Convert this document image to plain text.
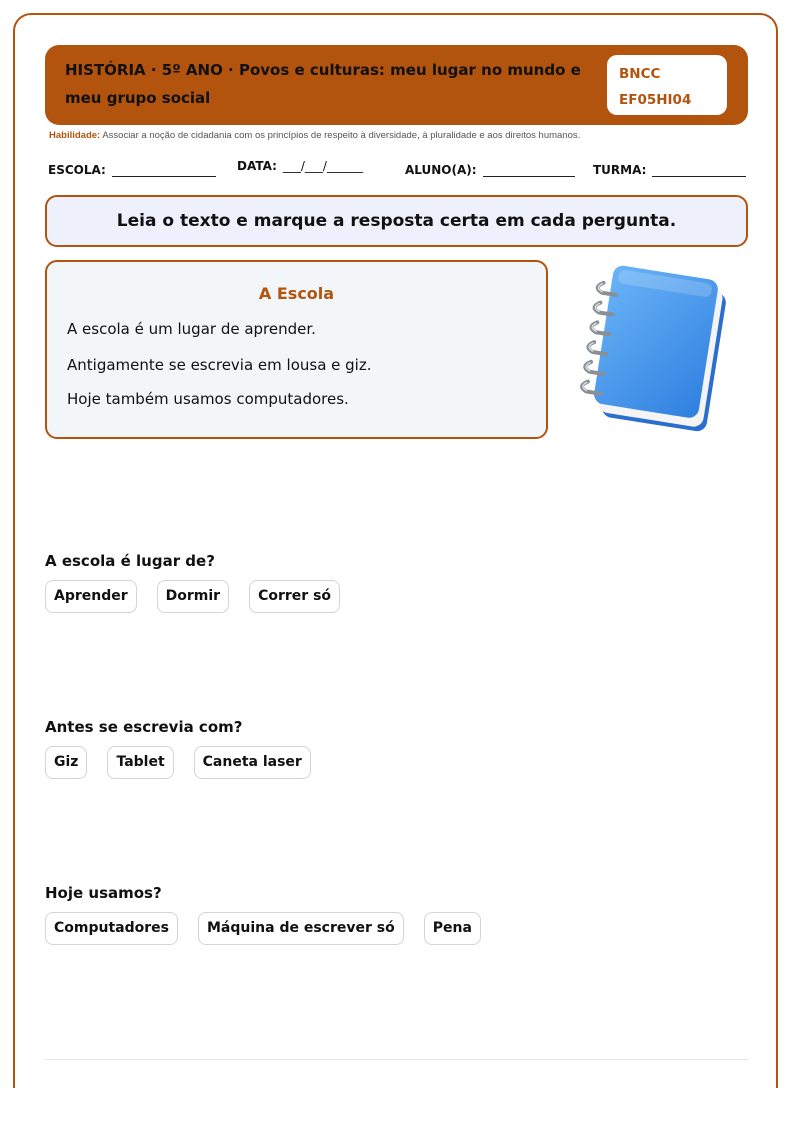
HISTÓRIA · 5º ANO · Povos e culturas: meu lugar no mundo e meu grupo social
BNCC
EF05HI04
Habilidade: Associar a noção de cidadania com os princípios de respeito à diversidade, à pluralidade e aos direitos humanos.
ESCOLA:	DATA: ___/___/______	ALUNO(A):	TURMA:
Leia o texto e marque a resposta certa em cada pergunta.
A Escola
A escola é um lugar de aprender.
Antigamente se escrevia em lousa e giz.
Hoje também usamos computadores.
A escola é lugar de?
Aprender	Dormir	Correr só
Antes se escrevia com?
Giz	Tablet	Caneta laser
Hoje usamos?
Computadores	Máquina de escrever só	Pena
